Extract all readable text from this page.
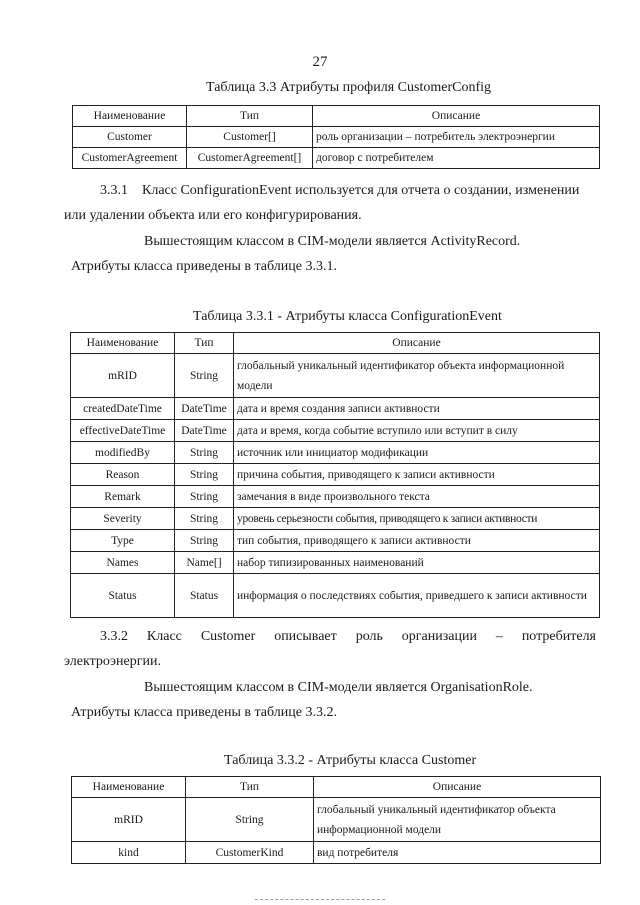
27
Таблица 3.3 Атрибуты профиля CustomerConfig
Наименование	Тип	Описание
Customer	Customer[]	роль организации – потребитель электроэнергии
CustomerAgreement	CustomerAgreement[]	договор с потребителем
3.3.1 Класс ConfigurationEvent используется для отчета о создании, изменении
или удалении объекта или его конфигурирования.
Вышестоящим классом в CIM-модели является ActivityRecord.
Атрибуты класса приведены в таблице 3.3.1.
Таблица 3.3.1 - Атрибуты класса ConfigurationEvent
Наименование	Тип	Описание
mRID	String	глобальный уникальный идентификатор объекта информационной модели
createdDateTime	DateTime	дата и время создания записи активности
effectiveDateTime	DateTime	дата и время, когда событие вступило или вступит в силу
modifiedBy	String	источник или инициатор модификации
Reason	String	причина события, приводящего к записи активности
Remark	String	замечания в виде произвольного текста
Severity	String	уровень серьезности события, приводящего к записи активности
Type	String	тип события, приводящего к записи активности
Names	Name[]	набор типизированных наименований
Status	Status	информация о последствиях события, приведшего к записи активности
3.3.2 Класс Customer описывает роль организации – потребителя
электроэнергии.
Вышестоящим классом в CIM-модели является OrganisationRole.
Атрибуты класса приведены в таблице 3.3.2.
Таблица 3.3.2 - Атрибуты класса Customer
Наименование	Тип	Описание
mRID	String	глобальный уникальный идентификатор объекта информационной модели
kind	CustomerKind	вид потребителя
